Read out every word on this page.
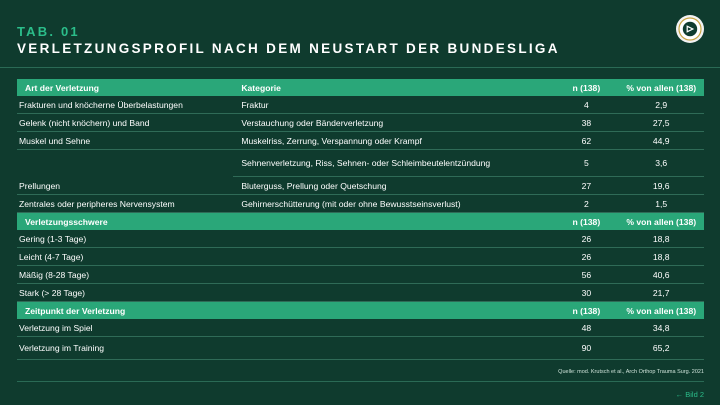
TAB. 01
VERLETZUNGSPROFIL NACH DEM NEUSTART DER BUNDESLIGA
Art der Verletzung	Kategorie	n (138)	% von allen (138)
Frakturen und knöcherne Überbelastungen	Fraktur	4	2,9
Gelenk (nicht knöchern) und Band	Verstauchung oder Bänderverletzung	38	27,5
Muskel und Sehne	Muskelriss, Zerrung, Verspannung oder Krampf	62	44,9
	Sehnenverletzung, Riss, Sehnen- oder Schleimbeutelentzündung	5	3,6
Prellungen	Bluterguss, Prellung oder Quetschung	27	19,6
Zentrales oder peripheres Nervensystem	Gehirnerschütterung (mit oder ohne Bewusstseinsverlust)	2	1,5
Verletzungsschwere		n (138)	% von allen (138)
Gering (1-3 Tage)		26	18,8
Leicht (4-7 Tage)		26	18,8
Mäßig (8-28 Tage)		56	40,6
Stark (> 28 Tage)		30	21,7
Zeitpunkt der Verletzung		n (138)	% von allen (138)
Verletzung im Spiel		48	34,8
Verletzung im Training		90	65,2
Quelle: mod. Krutsch et al., Arch Orthop Trauma Surg. 2021
← Bild 2
